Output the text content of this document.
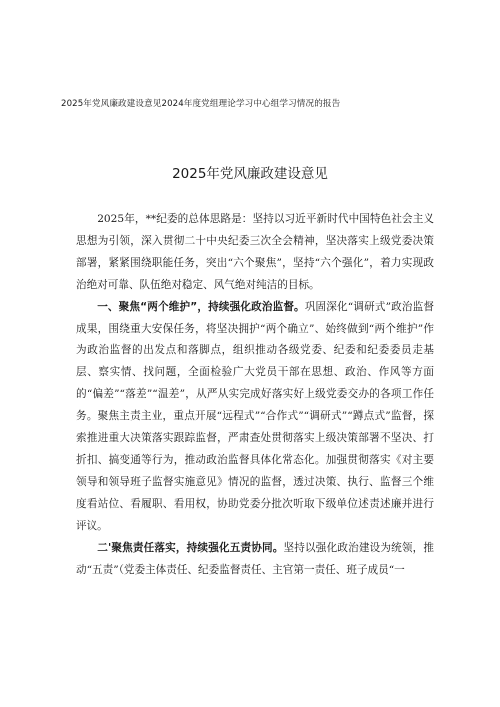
2025年党风廉政建设意见2024年度党组理论学习中心组学习情况的报告
2025年党风廉政建设意见

2025年，**纪委的总体思路是：坚持以习近平新时代中国特色社会主义思想为引领，深入贯彻二十中央纪委三次全会精神，坚决落实上级党委决策部署，紧紧围绕职能任务，突出“六个聚焦”，坚持“六个强化”，着力实现政治绝对可靠、队伍绝对稳定、风气绝对纯洁的目标。

一、聚焦“两个维护”，持续强化政治监督。巩固深化“调研式”政治监督成果，围绕重大安保任务，将坚决拥护“两个确立”、始终做到“两个维护”作为政治监督的出发点和落脚点，组织推动各级党委、纪委和纪委委员走基层、察实情、找问题，全面检验广大党员干部在思想、政治、作风等方面的“偏差”“落差”“温差”，从严从实完成好落实好上级党委交办的各项工作任务。聚焦主责主业，重点开展“远程式”“合作式”“调研式”“蹲点式”监督，探索推进重大决策落实跟踪监督，严肃查处贯彻落实上级决策部署不坚决、打折扣、搞变通等行为，推动政治监督具体化常态化。加强贯彻落实《对主要领导和领导班子监督实施意见》情况的监督，透过决策、执行、监督三个维度看站位、看履职、看用权，协助党委分批次听取下级单位述责述廉并进行评议。

二'聚焦责任落实，持续强化五责协同。坚持以强化政治建设为统领，推动“五责”（党委主体责任、纪委监督责任、主官第一责任、班子成员“一
